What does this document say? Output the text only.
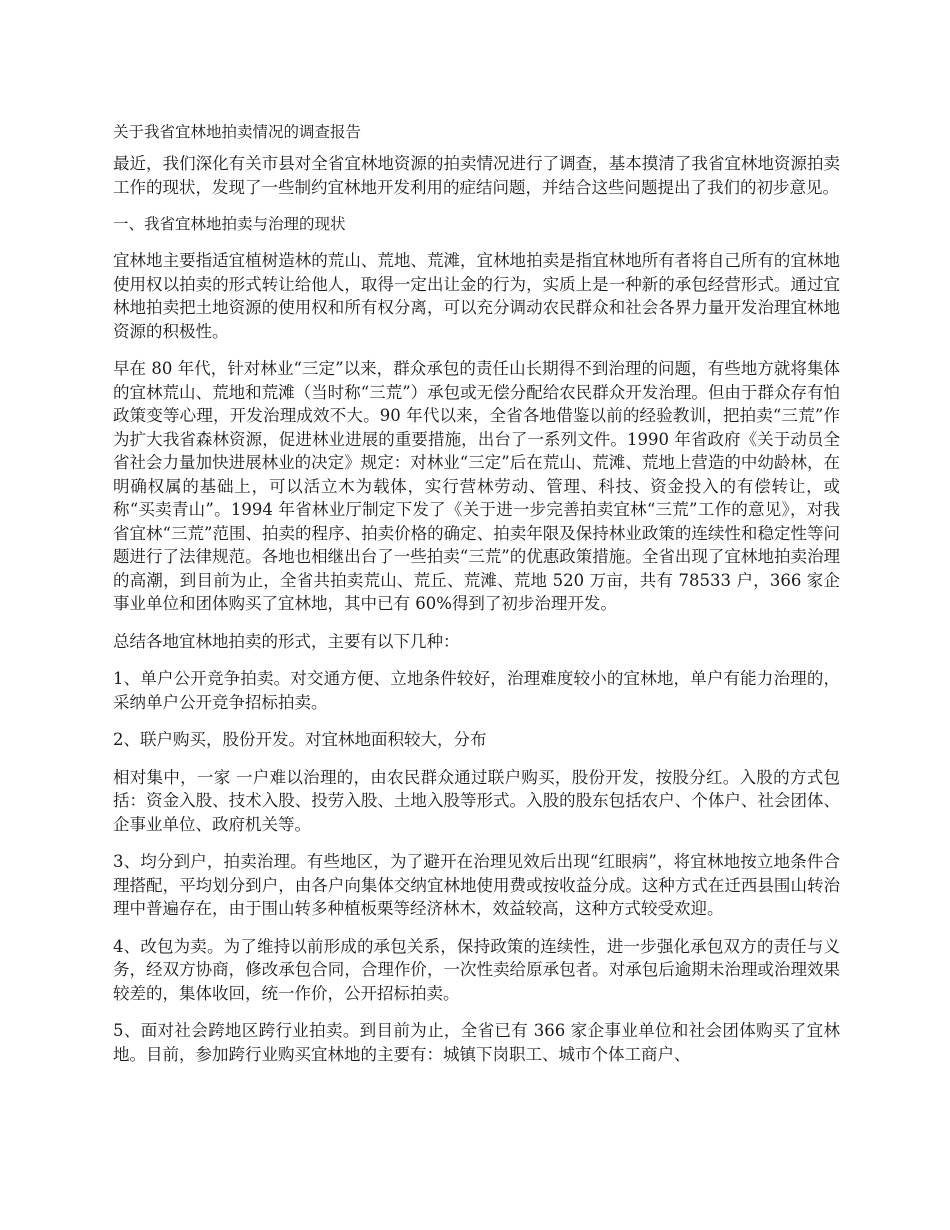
关于我省宜林地拍卖情况的调查报告

最近，我们深化有关市县对全省宜林地资源的拍卖情况进行了调查，基本摸清了我省宜林地资源拍卖工作的现状，发现了一些制约宜林地开发利用的症结问题，并结合这些问题提出了我们的初步意见。

一、我省宜林地拍卖与治理的现状

宜林地主要指适宜植树造林的荒山、荒地、荒滩，宜林地拍卖是指宜林地所有者将自己所有的宜林地使用权以拍卖的形式转让给他人，取得一定出让金的行为，实质上是一种新的承包经营形式。通过宜林地拍卖把土地资源的使用权和所有权分离，可以充分调动农民群众和社会各界力量开发治理宜林地资源的积极性。

早在 80 年代，针对林业“三定”以来，群众承包的责任山长期得不到治理的问题，有些地方就将集体的宜林荒山、荒地和荒滩（当时称“三荒”）承包或无偿分配给农民群众开发治理。但由于群众存有怕政策变等心理，开发治理成效不大。90 年代以来，全省各地借鉴以前的经验教训，把拍卖“三荒”作为扩大我省森林资源，促进林业进展的重要措施，出台了一系列文件。1990 年省政府《关于动员全省社会力量加快进展林业的决定》规定：对林业“三定”后在荒山、荒滩、荒地上营造的中幼龄林，在明确权属的基础上，可以活立木为载体，实行营林劳动、管理、科技、资金投入的有偿转让，或称“买卖青山”。1994 年省林业厅制定下发了《关于进一步完善拍卖宜林“三荒”工作的意见》，对我省宜林“三荒”范围、拍卖的程序、拍卖价格的确定、拍卖年限及保持林业政策的连续性和稳定性等问题进行了法律规范。各地也相继出台了一些拍卖“三荒”的优惠政策措施。全省出现了宜林地拍卖治理的高潮，到目前为止，全省共拍卖荒山、荒丘、荒滩、荒地 520 万亩，共有 78533 户，366 家企事业单位和团体购买了宜林地，其中已有 60%得到了初步治理开发。

总结各地宜林地拍卖的形式，主要有以下几种：

1、单户公开竞争拍卖。对交通方便、立地条件较好，治理难度较小的宜林地，单户有能力治理的，采纳单户公开竞争招标拍卖。

2、联户购买，股份开发。对宜林地面积较大，分布

相对集中，一家 一户难以治理的，由农民群众通过联户购买，股份开发，按股分红。入股的方式包括：资金入股、技术入股、投劳入股、土地入股等形式。入股的股东包括农户、个体户、社会团体、企事业单位、政府机关等。

3、均分到户，拍卖治理。有些地区，为了避开在治理见效后出现“红眼病”，将宜林地按立地条件合理搭配，平均划分到户，由各户向集体交纳宜林地使用费或按收益分成。这种方式在迁西县围山转治理中普遍存在，由于围山转多种植板栗等经济林木，效益较高，这种方式较受欢迎。

4、改包为卖。为了维持以前形成的承包关系，保持政策的连续性，进一步强化承包双方的责任与义务，经双方协商，修改承包合同，合理作价，一次性卖给原承包者。对承包后逾期未治理或治理效果较差的，集体收回，统一作价，公开招标拍卖。

5、面对社会跨地区跨行业拍卖。到目前为止，全省已有 366 家企事业单位和社会团体购买了宜林地。目前，参加跨行业购买宜林地的主要有：城镇下岗职工、城市个体工商户、
